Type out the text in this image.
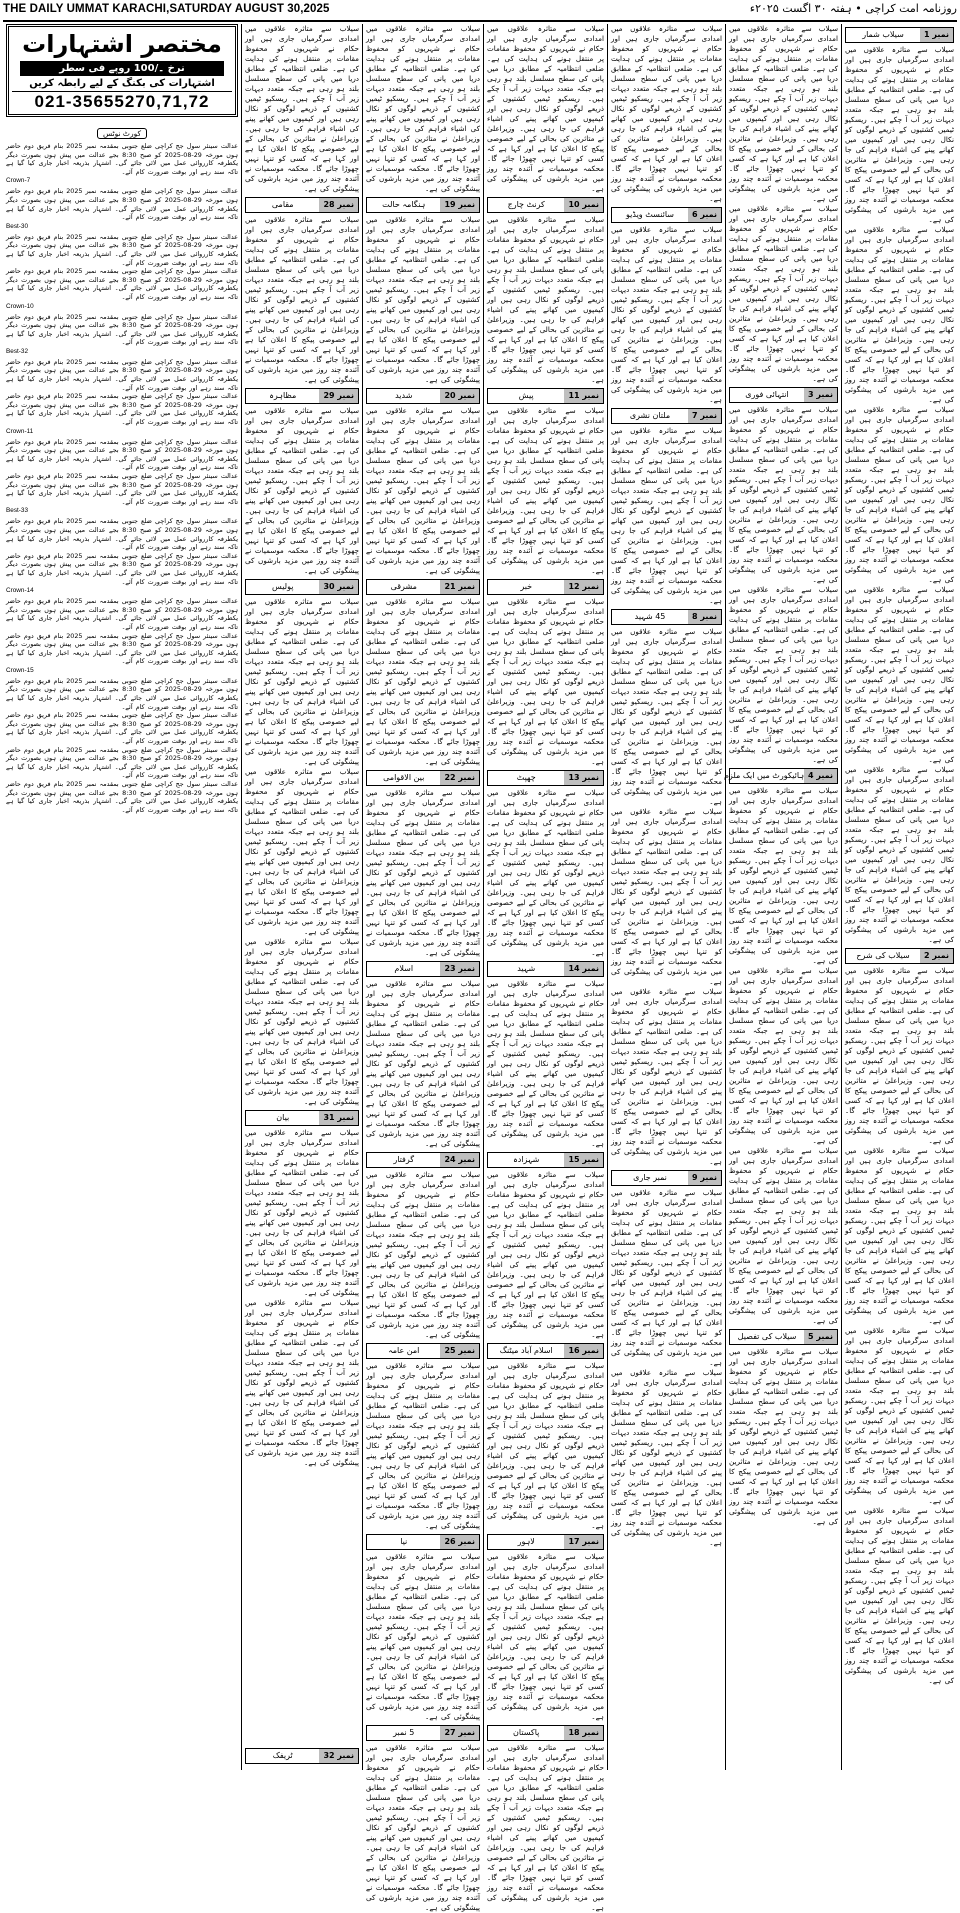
THE DAILY UMMAT KARACHI,SATURDAY AUGUST 30,2025	روزنامہ امت کراچی • ہفتہ ۳۰ اگست ۲۰۲۵ء
مختصر اشتہارات
نرخ ۔/100 روپے فی سطر
اشتہارات کی بکنگ کے لیے رابطہ کریں
021-35655270,71,72
کورٹ نوٹس
عدالت سینئر سول جج کراچی ضلع جنوبی بمقدمہ نمبر 2025 بنام فریق دوم حاضر ہوں مورخہ 29-08-2025 کو صبح 8:30 بجے عدالت میں پیش ہوں بصورت دیگر یکطرفہ کارروائی عمل میں لائی جائے گی۔ اشتہار بذریعہ اخبار جاری کیا گیا ہے تاکہ سند رہے اور بوقت ضرورت کام آئے۔
Crown-7
عدالت سینئر سول جج کراچی ضلع جنوبی بمقدمہ نمبر 2025 بنام فریق دوم حاضر ہوں مورخہ 29-08-2025 کو صبح 8:30 بجے عدالت میں پیش ہوں بصورت دیگر یکطرفہ کارروائی عمل میں لائی جائے گی۔ اشتہار بذریعہ اخبار جاری کیا گیا ہے تاکہ سند رہے اور بوقت ضرورت کام آئے۔
Best-30
عدالت سینئر سول جج کراچی ضلع جنوبی بمقدمہ نمبر 2025 بنام فریق دوم حاضر ہوں مورخہ 29-08-2025 کو صبح 8:30 بجے عدالت میں پیش ہوں بصورت دیگر یکطرفہ کارروائی عمل میں لائی جائے گی۔ اشتہار بذریعہ اخبار جاری کیا گیا ہے تاکہ سند رہے اور بوقت ضرورت کام آئے۔
عدالت سینئر سول جج کراچی ضلع جنوبی بمقدمہ نمبر 2025 بنام فریق دوم حاضر ہوں مورخہ 29-08-2025 کو صبح 8:30 بجے عدالت میں پیش ہوں بصورت دیگر یکطرفہ کارروائی عمل میں لائی جائے گی۔ اشتہار بذریعہ اخبار جاری کیا گیا ہے تاکہ سند رہے اور بوقت ضرورت کام آئے۔
Crown-10
عدالت سینئر سول جج کراچی ضلع جنوبی بمقدمہ نمبر 2025 بنام فریق دوم حاضر ہوں مورخہ 29-08-2025 کو صبح 8:30 بجے عدالت میں پیش ہوں بصورت دیگر یکطرفہ کارروائی عمل میں لائی جائے گی۔ اشتہار بذریعہ اخبار جاری کیا گیا ہے تاکہ سند رہے اور بوقت ضرورت کام آئے۔
Best-32
عدالت سینئر سول جج کراچی ضلع جنوبی بمقدمہ نمبر 2025 بنام فریق دوم حاضر ہوں مورخہ 29-08-2025 کو صبح 8:30 بجے عدالت میں پیش ہوں بصورت دیگر یکطرفہ کارروائی عمل میں لائی جائے گی۔ اشتہار بذریعہ اخبار جاری کیا گیا ہے تاکہ سند رہے اور بوقت ضرورت کام آئے۔
عدالت سینئر سول جج کراچی ضلع جنوبی بمقدمہ نمبر 2025 بنام فریق دوم حاضر ہوں مورخہ 29-08-2025 کو صبح 8:30 بجے عدالت میں پیش ہوں بصورت دیگر یکطرفہ کارروائی عمل میں لائی جائے گی۔ اشتہار بذریعہ اخبار جاری کیا گیا ہے تاکہ سند رہے اور بوقت ضرورت کام آئے۔
Crown-11
عدالت سینئر سول جج کراچی ضلع جنوبی بمقدمہ نمبر 2025 بنام فریق دوم حاضر ہوں مورخہ 29-08-2025 کو صبح 8:30 بجے عدالت میں پیش ہوں بصورت دیگر یکطرفہ کارروائی عمل میں لائی جائے گی۔ اشتہار بذریعہ اخبار جاری کیا گیا ہے تاکہ سند رہے اور بوقت ضرورت کام آئے۔
عدالت سینئر سول جج کراچی ضلع جنوبی بمقدمہ نمبر 2025 بنام فریق دوم حاضر ہوں مورخہ 29-08-2025 کو صبح 8:30 بجے عدالت میں پیش ہوں بصورت دیگر یکطرفہ کارروائی عمل میں لائی جائے گی۔ اشتہار بذریعہ اخبار جاری کیا گیا ہے تاکہ سند رہے اور بوقت ضرورت کام آئے۔
Best-33
عدالت سینئر سول جج کراچی ضلع جنوبی بمقدمہ نمبر 2025 بنام فریق دوم حاضر ہوں مورخہ 29-08-2025 کو صبح 8:30 بجے عدالت میں پیش ہوں بصورت دیگر یکطرفہ کارروائی عمل میں لائی جائے گی۔ اشتہار بذریعہ اخبار جاری کیا گیا ہے تاکہ سند رہے اور بوقت ضرورت کام آئے۔
عدالت سینئر سول جج کراچی ضلع جنوبی بمقدمہ نمبر 2025 بنام فریق دوم حاضر ہوں مورخہ 29-08-2025 کو صبح 8:30 بجے عدالت میں پیش ہوں بصورت دیگر یکطرفہ کارروائی عمل میں لائی جائے گی۔ اشتہار بذریعہ اخبار جاری کیا گیا ہے تاکہ سند رہے اور بوقت ضرورت کام آئے۔
Crown-14
عدالت سینئر سول جج کراچی ضلع جنوبی بمقدمہ نمبر 2025 بنام فریق دوم حاضر ہوں مورخہ 29-08-2025 کو صبح 8:30 بجے عدالت میں پیش ہوں بصورت دیگر یکطرفہ کارروائی عمل میں لائی جائے گی۔ اشتہار بذریعہ اخبار جاری کیا گیا ہے تاکہ سند رہے اور بوقت ضرورت کام آئے۔
عدالت سینئر سول جج کراچی ضلع جنوبی بمقدمہ نمبر 2025 بنام فریق دوم حاضر ہوں مورخہ 29-08-2025 کو صبح 8:30 بجے عدالت میں پیش ہوں بصورت دیگر یکطرفہ کارروائی عمل میں لائی جائے گی۔ اشتہار بذریعہ اخبار جاری کیا گیا ہے تاکہ سند رہے اور بوقت ضرورت کام آئے۔
Crown-15
عدالت سینئر سول جج کراچی ضلع جنوبی بمقدمہ نمبر 2025 بنام فریق دوم حاضر ہوں مورخہ 29-08-2025 کو صبح 8:30 بجے عدالت میں پیش ہوں بصورت دیگر یکطرفہ کارروائی عمل میں لائی جائے گی۔ اشتہار بذریعہ اخبار جاری کیا گیا ہے تاکہ سند رہے اور بوقت ضرورت کام آئے۔
عدالت سینئر سول جج کراچی ضلع جنوبی بمقدمہ نمبر 2025 بنام فریق دوم حاضر ہوں مورخہ 29-08-2025 کو صبح 8:30 بجے عدالت میں پیش ہوں بصورت دیگر یکطرفہ کارروائی عمل میں لائی جائے گی۔ اشتہار بذریعہ اخبار جاری کیا گیا ہے تاکہ سند رہے اور بوقت ضرورت کام آئے۔
عدالت سینئر سول جج کراچی ضلع جنوبی بمقدمہ نمبر 2025 بنام فریق دوم حاضر ہوں مورخہ 29-08-2025 کو صبح 8:30 بجے عدالت میں پیش ہوں بصورت دیگر یکطرفہ کارروائی عمل میں لائی جائے گی۔ اشتہار بذریعہ اخبار جاری کیا گیا ہے تاکہ سند رہے اور بوقت ضرورت کام آئے۔
عدالت سینئر سول جج کراچی ضلع جنوبی بمقدمہ نمبر 2025 بنام فریق دوم حاضر ہوں مورخہ 29-08-2025 کو صبح 8:30 بجے عدالت میں پیش ہوں بصورت دیگر یکطرفہ کارروائی عمل میں لائی جائے گی۔ اشتہار بذریعہ اخبار جاری کیا گیا ہے تاکہ سند رہے اور بوقت ضرورت کام آئے۔
سیلاب سے متاثرہ علاقوں میں امدادی سرگرمیاں جاری ہیں اور حکام نے شہریوں کو محفوظ مقامات پر منتقل ہونے کی ہدایت کی ہے۔ ضلعی انتظامیہ کے مطابق دریا میں پانی کی سطح مسلسل بلند ہو رہی ہے جبکہ متعدد دیہات زیر آب آ چکے ہیں۔ ریسکیو ٹیمیں کشتیوں کے ذریعے لوگوں کو نکال رہی ہیں اور کیمپوں میں کھانے پینے کی اشیاء فراہم کی جا رہی ہیں۔ وزیراعلیٰ نے متاثرین کی بحالی کے لیے خصوصی پیکج کا اعلان کیا ہے اور کہا ہے کہ کسی کو تنہا نہیں چھوڑا جائے گا۔ محکمہ موسمیات نے آئندہ چند روز میں مزید بارشوں کی پیشگوئی کی ہے۔
نمبر 28
مقامی
سیلاب سے متاثرہ علاقوں میں امدادی سرگرمیاں جاری ہیں اور حکام نے شہریوں کو محفوظ مقامات پر منتقل ہونے کی ہدایت کی ہے۔ ضلعی انتظامیہ کے مطابق دریا میں پانی کی سطح مسلسل بلند ہو رہی ہے جبکہ متعدد دیہات زیر آب آ چکے ہیں۔ ریسکیو ٹیمیں کشتیوں کے ذریعے لوگوں کو نکال رہی ہیں اور کیمپوں میں کھانے پینے کی اشیاء فراہم کی جا رہی ہیں۔ وزیراعلیٰ نے متاثرین کی بحالی کے لیے خصوصی پیکج کا اعلان کیا ہے اور کہا ہے کہ کسی کو تنہا نہیں چھوڑا جائے گا۔ محکمہ موسمیات نے آئندہ چند روز میں مزید بارشوں کی پیشگوئی کی ہے۔
نمبر 29
مظاہرہ
سیلاب سے متاثرہ علاقوں میں امدادی سرگرمیاں جاری ہیں اور حکام نے شہریوں کو محفوظ مقامات پر منتقل ہونے کی ہدایت کی ہے۔ ضلعی انتظامیہ کے مطابق دریا میں پانی کی سطح مسلسل بلند ہو رہی ہے جبکہ متعدد دیہات زیر آب آ چکے ہیں۔ ریسکیو ٹیمیں کشتیوں کے ذریعے لوگوں کو نکال رہی ہیں اور کیمپوں میں کھانے پینے کی اشیاء فراہم کی جا رہی ہیں۔ وزیراعلیٰ نے متاثرین کی بحالی کے لیے خصوصی پیکج کا اعلان کیا ہے اور کہا ہے کہ کسی کو تنہا نہیں چھوڑا جائے گا۔ محکمہ موسمیات نے آئندہ چند روز میں مزید بارشوں کی پیشگوئی کی ہے۔
نمبر 30
پولیس
سیلاب سے متاثرہ علاقوں میں امدادی سرگرمیاں جاری ہیں اور حکام نے شہریوں کو محفوظ مقامات پر منتقل ہونے کی ہدایت کی ہے۔ ضلعی انتظامیہ کے مطابق دریا میں پانی کی سطح مسلسل بلند ہو رہی ہے جبکہ متعدد دیہات زیر آب آ چکے ہیں۔ ریسکیو ٹیمیں کشتیوں کے ذریعے لوگوں کو نکال رہی ہیں اور کیمپوں میں کھانے پینے کی اشیاء فراہم کی جا رہی ہیں۔ وزیراعلیٰ نے متاثرین کی بحالی کے لیے خصوصی پیکج کا اعلان کیا ہے اور کہا ہے کہ کسی کو تنہا نہیں چھوڑا جائے گا۔ محکمہ موسمیات نے آئندہ چند روز میں مزید بارشوں کی پیشگوئی کی ہے۔
سیلاب سے متاثرہ علاقوں میں امدادی سرگرمیاں جاری ہیں اور حکام نے شہریوں کو محفوظ مقامات پر منتقل ہونے کی ہدایت کی ہے۔ ضلعی انتظامیہ کے مطابق دریا میں پانی کی سطح مسلسل بلند ہو رہی ہے جبکہ متعدد دیہات زیر آب آ چکے ہیں۔ ریسکیو ٹیمیں کشتیوں کے ذریعے لوگوں کو نکال رہی ہیں اور کیمپوں میں کھانے پینے کی اشیاء فراہم کی جا رہی ہیں۔ وزیراعلیٰ نے متاثرین کی بحالی کے لیے خصوصی پیکج کا اعلان کیا ہے اور کہا ہے کہ کسی کو تنہا نہیں چھوڑا جائے گا۔ محکمہ موسمیات نے آئندہ چند روز میں مزید بارشوں کی پیشگوئی کی ہے۔
سیلاب سے متاثرہ علاقوں میں امدادی سرگرمیاں جاری ہیں اور حکام نے شہریوں کو محفوظ مقامات پر منتقل ہونے کی ہدایت کی ہے۔ ضلعی انتظامیہ کے مطابق دریا میں پانی کی سطح مسلسل بلند ہو رہی ہے جبکہ متعدد دیہات زیر آب آ چکے ہیں۔ ریسکیو ٹیمیں کشتیوں کے ذریعے لوگوں کو نکال رہی ہیں اور کیمپوں میں کھانے پینے کی اشیاء فراہم کی جا رہی ہیں۔ وزیراعلیٰ نے متاثرین کی بحالی کے لیے خصوصی پیکج کا اعلان کیا ہے اور کہا ہے کہ کسی کو تنہا نہیں چھوڑا جائے گا۔ محکمہ موسمیات نے آئندہ چند روز میں مزید بارشوں کی پیشگوئی کی ہے۔
نمبر 31
بیان
سیلاب سے متاثرہ علاقوں میں امدادی سرگرمیاں جاری ہیں اور حکام نے شہریوں کو محفوظ مقامات پر منتقل ہونے کی ہدایت کی ہے۔ ضلعی انتظامیہ کے مطابق دریا میں پانی کی سطح مسلسل بلند ہو رہی ہے جبکہ متعدد دیہات زیر آب آ چکے ہیں۔ ریسکیو ٹیمیں کشتیوں کے ذریعے لوگوں کو نکال رہی ہیں اور کیمپوں میں کھانے پینے کی اشیاء فراہم کی جا رہی ہیں۔ وزیراعلیٰ نے متاثرین کی بحالی کے لیے خصوصی پیکج کا اعلان کیا ہے اور کہا ہے کہ کسی کو تنہا نہیں چھوڑا جائے گا۔ محکمہ موسمیات نے آئندہ چند روز میں مزید بارشوں کی پیشگوئی کی ہے۔
سیلاب سے متاثرہ علاقوں میں امدادی سرگرمیاں جاری ہیں اور حکام نے شہریوں کو محفوظ مقامات پر منتقل ہونے کی ہدایت کی ہے۔ ضلعی انتظامیہ کے مطابق دریا میں پانی کی سطح مسلسل بلند ہو رہی ہے جبکہ متعدد دیہات زیر آب آ چکے ہیں۔ ریسکیو ٹیمیں کشتیوں کے ذریعے لوگوں کو نکال رہی ہیں اور کیمپوں میں کھانے پینے کی اشیاء فراہم کی جا رہی ہیں۔ وزیراعلیٰ نے متاثرین کی بحالی کے لیے خصوصی پیکج کا اعلان کیا ہے اور کہا ہے کہ کسی کو تنہا نہیں چھوڑا جائے گا۔ محکمہ موسمیات نے آئندہ چند روز میں مزید بارشوں کی پیشگوئی کی ہے۔
نمبر 32
ٹریفک
سیلاب سے متاثرہ علاقوں میں امدادی سرگرمیاں جاری ہیں اور حکام نے شہریوں کو محفوظ مقامات پر منتقل ہونے کی ہدایت کی ہے۔ ضلعی انتظامیہ کے مطابق دریا میں پانی کی سطح مسلسل بلند ہو رہی ہے جبکہ متعدد دیہات زیر آب آ چکے ہیں۔ ریسکیو ٹیمیں کشتیوں کے ذریعے لوگوں کو نکال رہی ہیں اور کیمپوں میں کھانے پینے کی اشیاء فراہم کی جا رہی ہیں۔ وزیراعلیٰ نے متاثرین کی بحالی کے لیے خصوصی پیکج کا اعلان کیا ہے اور کہا ہے کہ کسی کو تنہا نہیں چھوڑا جائے گا۔ محکمہ موسمیات نے آئندہ چند روز میں مزید بارشوں کی پیشگوئی کی ہے۔
نمبر 19
ہنگامہ حالت
سیلاب سے متاثرہ علاقوں میں امدادی سرگرمیاں جاری ہیں اور حکام نے شہریوں کو محفوظ مقامات پر منتقل ہونے کی ہدایت کی ہے۔ ضلعی انتظامیہ کے مطابق دریا میں پانی کی سطح مسلسل بلند ہو رہی ہے جبکہ متعدد دیہات زیر آب آ چکے ہیں۔ ریسکیو ٹیمیں کشتیوں کے ذریعے لوگوں کو نکال رہی ہیں اور کیمپوں میں کھانے پینے کی اشیاء فراہم کی جا رہی ہیں۔ وزیراعلیٰ نے متاثرین کی بحالی کے لیے خصوصی پیکج کا اعلان کیا ہے اور کہا ہے کہ کسی کو تنہا نہیں چھوڑا جائے گا۔ محکمہ موسمیات نے آئندہ چند روز میں مزید بارشوں کی پیشگوئی کی ہے۔
نمبر 20
شدید
سیلاب سے متاثرہ علاقوں میں امدادی سرگرمیاں جاری ہیں اور حکام نے شہریوں کو محفوظ مقامات پر منتقل ہونے کی ہدایت کی ہے۔ ضلعی انتظامیہ کے مطابق دریا میں پانی کی سطح مسلسل بلند ہو رہی ہے جبکہ متعدد دیہات زیر آب آ چکے ہیں۔ ریسکیو ٹیمیں کشتیوں کے ذریعے لوگوں کو نکال رہی ہیں اور کیمپوں میں کھانے پینے کی اشیاء فراہم کی جا رہی ہیں۔ وزیراعلیٰ نے متاثرین کی بحالی کے لیے خصوصی پیکج کا اعلان کیا ہے اور کہا ہے کہ کسی کو تنہا نہیں چھوڑا جائے گا۔ محکمہ موسمیات نے آئندہ چند روز میں مزید بارشوں کی پیشگوئی کی ہے۔
نمبر 21
مشرقی
سیلاب سے متاثرہ علاقوں میں امدادی سرگرمیاں جاری ہیں اور حکام نے شہریوں کو محفوظ مقامات پر منتقل ہونے کی ہدایت کی ہے۔ ضلعی انتظامیہ کے مطابق دریا میں پانی کی سطح مسلسل بلند ہو رہی ہے جبکہ متعدد دیہات زیر آب آ چکے ہیں۔ ریسکیو ٹیمیں کشتیوں کے ذریعے لوگوں کو نکال رہی ہیں اور کیمپوں میں کھانے پینے کی اشیاء فراہم کی جا رہی ہیں۔ وزیراعلیٰ نے متاثرین کی بحالی کے لیے خصوصی پیکج کا اعلان کیا ہے اور کہا ہے کہ کسی کو تنہا نہیں چھوڑا جائے گا۔ محکمہ موسمیات نے آئندہ چند روز میں مزید بارشوں کی پیشگوئی کی ہے۔
نمبر 22
بین الاقوامی
سیلاب سے متاثرہ علاقوں میں امدادی سرگرمیاں جاری ہیں اور حکام نے شہریوں کو محفوظ مقامات پر منتقل ہونے کی ہدایت کی ہے۔ ضلعی انتظامیہ کے مطابق دریا میں پانی کی سطح مسلسل بلند ہو رہی ہے جبکہ متعدد دیہات زیر آب آ چکے ہیں۔ ریسکیو ٹیمیں کشتیوں کے ذریعے لوگوں کو نکال رہی ہیں اور کیمپوں میں کھانے پینے کی اشیاء فراہم کی جا رہی ہیں۔ وزیراعلیٰ نے متاثرین کی بحالی کے لیے خصوصی پیکج کا اعلان کیا ہے اور کہا ہے کہ کسی کو تنہا نہیں چھوڑا جائے گا۔ محکمہ موسمیات نے آئندہ چند روز میں مزید بارشوں کی پیشگوئی کی ہے۔
نمبر 23
اسلام
سیلاب سے متاثرہ علاقوں میں امدادی سرگرمیاں جاری ہیں اور حکام نے شہریوں کو محفوظ مقامات پر منتقل ہونے کی ہدایت کی ہے۔ ضلعی انتظامیہ کے مطابق دریا میں پانی کی سطح مسلسل بلند ہو رہی ہے جبکہ متعدد دیہات زیر آب آ چکے ہیں۔ ریسکیو ٹیمیں کشتیوں کے ذریعے لوگوں کو نکال رہی ہیں اور کیمپوں میں کھانے پینے کی اشیاء فراہم کی جا رہی ہیں۔ وزیراعلیٰ نے متاثرین کی بحالی کے لیے خصوصی پیکج کا اعلان کیا ہے اور کہا ہے کہ کسی کو تنہا نہیں چھوڑا جائے گا۔ محکمہ موسمیات نے آئندہ چند روز میں مزید بارشوں کی پیشگوئی کی ہے۔
نمبر 24
گرفتار
سیلاب سے متاثرہ علاقوں میں امدادی سرگرمیاں جاری ہیں اور حکام نے شہریوں کو محفوظ مقامات پر منتقل ہونے کی ہدایت کی ہے۔ ضلعی انتظامیہ کے مطابق دریا میں پانی کی سطح مسلسل بلند ہو رہی ہے جبکہ متعدد دیہات زیر آب آ چکے ہیں۔ ریسکیو ٹیمیں کشتیوں کے ذریعے لوگوں کو نکال رہی ہیں اور کیمپوں میں کھانے پینے کی اشیاء فراہم کی جا رہی ہیں۔ وزیراعلیٰ نے متاثرین کی بحالی کے لیے خصوصی پیکج کا اعلان کیا ہے اور کہا ہے کہ کسی کو تنہا نہیں چھوڑا جائے گا۔ محکمہ موسمیات نے آئندہ چند روز میں مزید بارشوں کی پیشگوئی کی ہے۔
نمبر 25
امن عامہ
سیلاب سے متاثرہ علاقوں میں امدادی سرگرمیاں جاری ہیں اور حکام نے شہریوں کو محفوظ مقامات پر منتقل ہونے کی ہدایت کی ہے۔ ضلعی انتظامیہ کے مطابق دریا میں پانی کی سطح مسلسل بلند ہو رہی ہے جبکہ متعدد دیہات زیر آب آ چکے ہیں۔ ریسکیو ٹیمیں کشتیوں کے ذریعے لوگوں کو نکال رہی ہیں اور کیمپوں میں کھانے پینے کی اشیاء فراہم کی جا رہی ہیں۔ وزیراعلیٰ نے متاثرین کی بحالی کے لیے خصوصی پیکج کا اعلان کیا ہے اور کہا ہے کہ کسی کو تنہا نہیں چھوڑا جائے گا۔ محکمہ موسمیات نے آئندہ چند روز میں مزید بارشوں کی پیشگوئی کی ہے۔
نمبر 26
نیا
سیلاب سے متاثرہ علاقوں میں امدادی سرگرمیاں جاری ہیں اور حکام نے شہریوں کو محفوظ مقامات پر منتقل ہونے کی ہدایت کی ہے۔ ضلعی انتظامیہ کے مطابق دریا میں پانی کی سطح مسلسل بلند ہو رہی ہے جبکہ متعدد دیہات زیر آب آ چکے ہیں۔ ریسکیو ٹیمیں کشتیوں کے ذریعے لوگوں کو نکال رہی ہیں اور کیمپوں میں کھانے پینے کی اشیاء فراہم کی جا رہی ہیں۔ وزیراعلیٰ نے متاثرین کی بحالی کے لیے خصوصی پیکج کا اعلان کیا ہے اور کہا ہے کہ کسی کو تنہا نہیں چھوڑا جائے گا۔ محکمہ موسمیات نے آئندہ چند روز میں مزید بارشوں کی پیشگوئی کی ہے۔
نمبر 27
5 نمبر
سیلاب سے متاثرہ علاقوں میں امدادی سرگرمیاں جاری ہیں اور حکام نے شہریوں کو محفوظ مقامات پر منتقل ہونے کی ہدایت کی ہے۔ ضلعی انتظامیہ کے مطابق دریا میں پانی کی سطح مسلسل بلند ہو رہی ہے جبکہ متعدد دیہات زیر آب آ چکے ہیں۔ ریسکیو ٹیمیں کشتیوں کے ذریعے لوگوں کو نکال رہی ہیں اور کیمپوں میں کھانے پینے کی اشیاء فراہم کی جا رہی ہیں۔ وزیراعلیٰ نے متاثرین کی بحالی کے لیے خصوصی پیکج کا اعلان کیا ہے اور کہا ہے کہ کسی کو تنہا نہیں چھوڑا جائے گا۔ محکمہ موسمیات نے آئندہ چند روز میں مزید بارشوں کی پیشگوئی کی ہے۔
سیلاب سے متاثرہ علاقوں میں امدادی سرگرمیاں جاری ہیں اور حکام نے شہریوں کو محفوظ مقامات پر منتقل ہونے کی ہدایت کی ہے۔ ضلعی انتظامیہ کے مطابق دریا میں پانی کی سطح مسلسل بلند ہو رہی ہے جبکہ متعدد دیہات زیر آب آ چکے ہیں۔ ریسکیو ٹیمیں کشتیوں کے ذریعے لوگوں کو نکال رہی ہیں اور کیمپوں میں کھانے پینے کی اشیاء فراہم کی جا رہی ہیں۔ وزیراعلیٰ نے متاثرین کی بحالی کے لیے خصوصی پیکج کا اعلان کیا ہے اور کہا ہے کہ کسی کو تنہا نہیں چھوڑا جائے گا۔ محکمہ موسمیات نے آئندہ چند روز میں مزید بارشوں کی پیشگوئی کی ہے۔
نمبر 10
کرنٹ چارج
سیلاب سے متاثرہ علاقوں میں امدادی سرگرمیاں جاری ہیں اور حکام نے شہریوں کو محفوظ مقامات پر منتقل ہونے کی ہدایت کی ہے۔ ضلعی انتظامیہ کے مطابق دریا میں پانی کی سطح مسلسل بلند ہو رہی ہے جبکہ متعدد دیہات زیر آب آ چکے ہیں۔ ریسکیو ٹیمیں کشتیوں کے ذریعے لوگوں کو نکال رہی ہیں اور کیمپوں میں کھانے پینے کی اشیاء فراہم کی جا رہی ہیں۔ وزیراعلیٰ نے متاثرین کی بحالی کے لیے خصوصی پیکج کا اعلان کیا ہے اور کہا ہے کہ کسی کو تنہا نہیں چھوڑا جائے گا۔ محکمہ موسمیات نے آئندہ چند روز میں مزید بارشوں کی پیشگوئی کی ہے۔
نمبر 11
پیش
سیلاب سے متاثرہ علاقوں میں امدادی سرگرمیاں جاری ہیں اور حکام نے شہریوں کو محفوظ مقامات پر منتقل ہونے کی ہدایت کی ہے۔ ضلعی انتظامیہ کے مطابق دریا میں پانی کی سطح مسلسل بلند ہو رہی ہے جبکہ متعدد دیہات زیر آب آ چکے ہیں۔ ریسکیو ٹیمیں کشتیوں کے ذریعے لوگوں کو نکال رہی ہیں اور کیمپوں میں کھانے پینے کی اشیاء فراہم کی جا رہی ہیں۔ وزیراعلیٰ نے متاثرین کی بحالی کے لیے خصوصی پیکج کا اعلان کیا ہے اور کہا ہے کہ کسی کو تنہا نہیں چھوڑا جائے گا۔ محکمہ موسمیات نے آئندہ چند روز میں مزید بارشوں کی پیشگوئی کی ہے۔
نمبر 12
خبر
سیلاب سے متاثرہ علاقوں میں امدادی سرگرمیاں جاری ہیں اور حکام نے شہریوں کو محفوظ مقامات پر منتقل ہونے کی ہدایت کی ہے۔ ضلعی انتظامیہ کے مطابق دریا میں پانی کی سطح مسلسل بلند ہو رہی ہے جبکہ متعدد دیہات زیر آب آ چکے ہیں۔ ریسکیو ٹیمیں کشتیوں کے ذریعے لوگوں کو نکال رہی ہیں اور کیمپوں میں کھانے پینے کی اشیاء فراہم کی جا رہی ہیں۔ وزیراعلیٰ نے متاثرین کی بحالی کے لیے خصوصی پیکج کا اعلان کیا ہے اور کہا ہے کہ کسی کو تنہا نہیں چھوڑا جائے گا۔ محکمہ موسمیات نے آئندہ چند روز میں مزید بارشوں کی پیشگوئی کی ہے۔
نمبر 13
چھپٹ
سیلاب سے متاثرہ علاقوں میں امدادی سرگرمیاں جاری ہیں اور حکام نے شہریوں کو محفوظ مقامات پر منتقل ہونے کی ہدایت کی ہے۔ ضلعی انتظامیہ کے مطابق دریا میں پانی کی سطح مسلسل بلند ہو رہی ہے جبکہ متعدد دیہات زیر آب آ چکے ہیں۔ ریسکیو ٹیمیں کشتیوں کے ذریعے لوگوں کو نکال رہی ہیں اور کیمپوں میں کھانے پینے کی اشیاء فراہم کی جا رہی ہیں۔ وزیراعلیٰ نے متاثرین کی بحالی کے لیے خصوصی پیکج کا اعلان کیا ہے اور کہا ہے کہ کسی کو تنہا نہیں چھوڑا جائے گا۔ محکمہ موسمیات نے آئندہ چند روز میں مزید بارشوں کی پیشگوئی کی ہے۔
نمبر 14
شہید
سیلاب سے متاثرہ علاقوں میں امدادی سرگرمیاں جاری ہیں اور حکام نے شہریوں کو محفوظ مقامات پر منتقل ہونے کی ہدایت کی ہے۔ ضلعی انتظامیہ کے مطابق دریا میں پانی کی سطح مسلسل بلند ہو رہی ہے جبکہ متعدد دیہات زیر آب آ چکے ہیں۔ ریسکیو ٹیمیں کشتیوں کے ذریعے لوگوں کو نکال رہی ہیں اور کیمپوں میں کھانے پینے کی اشیاء فراہم کی جا رہی ہیں۔ وزیراعلیٰ نے متاثرین کی بحالی کے لیے خصوصی پیکج کا اعلان کیا ہے اور کہا ہے کہ کسی کو تنہا نہیں چھوڑا جائے گا۔ محکمہ موسمیات نے آئندہ چند روز میں مزید بارشوں کی پیشگوئی کی ہے۔
نمبر 15
شہزادہ
سیلاب سے متاثرہ علاقوں میں امدادی سرگرمیاں جاری ہیں اور حکام نے شہریوں کو محفوظ مقامات پر منتقل ہونے کی ہدایت کی ہے۔ ضلعی انتظامیہ کے مطابق دریا میں پانی کی سطح مسلسل بلند ہو رہی ہے جبکہ متعدد دیہات زیر آب آ چکے ہیں۔ ریسکیو ٹیمیں کشتیوں کے ذریعے لوگوں کو نکال رہی ہیں اور کیمپوں میں کھانے پینے کی اشیاء فراہم کی جا رہی ہیں۔ وزیراعلیٰ نے متاثرین کی بحالی کے لیے خصوصی پیکج کا اعلان کیا ہے اور کہا ہے کہ کسی کو تنہا نہیں چھوڑا جائے گا۔ محکمہ موسمیات نے آئندہ چند روز میں مزید بارشوں کی پیشگوئی کی ہے۔
نمبر 16
اسلام آباد میٹنگ
سیلاب سے متاثرہ علاقوں میں امدادی سرگرمیاں جاری ہیں اور حکام نے شہریوں کو محفوظ مقامات پر منتقل ہونے کی ہدایت کی ہے۔ ضلعی انتظامیہ کے مطابق دریا میں پانی کی سطح مسلسل بلند ہو رہی ہے جبکہ متعدد دیہات زیر آب آ چکے ہیں۔ ریسکیو ٹیمیں کشتیوں کے ذریعے لوگوں کو نکال رہی ہیں اور کیمپوں میں کھانے پینے کی اشیاء فراہم کی جا رہی ہیں۔ وزیراعلیٰ نے متاثرین کی بحالی کے لیے خصوصی پیکج کا اعلان کیا ہے اور کہا ہے کہ کسی کو تنہا نہیں چھوڑا جائے گا۔ محکمہ موسمیات نے آئندہ چند روز میں مزید بارشوں کی پیشگوئی کی ہے۔
نمبر 17
لاہور
سیلاب سے متاثرہ علاقوں میں امدادی سرگرمیاں جاری ہیں اور حکام نے شہریوں کو محفوظ مقامات پر منتقل ہونے کی ہدایت کی ہے۔ ضلعی انتظامیہ کے مطابق دریا میں پانی کی سطح مسلسل بلند ہو رہی ہے جبکہ متعدد دیہات زیر آب آ چکے ہیں۔ ریسکیو ٹیمیں کشتیوں کے ذریعے لوگوں کو نکال رہی ہیں اور کیمپوں میں کھانے پینے کی اشیاء فراہم کی جا رہی ہیں۔ وزیراعلیٰ نے متاثرین کی بحالی کے لیے خصوصی پیکج کا اعلان کیا ہے اور کہا ہے کہ کسی کو تنہا نہیں چھوڑا جائے گا۔ محکمہ موسمیات نے آئندہ چند روز میں مزید بارشوں کی پیشگوئی کی ہے۔
نمبر 18
پاکستان
سیلاب سے متاثرہ علاقوں میں امدادی سرگرمیاں جاری ہیں اور حکام نے شہریوں کو محفوظ مقامات پر منتقل ہونے کی ہدایت کی ہے۔ ضلعی انتظامیہ کے مطابق دریا میں پانی کی سطح مسلسل بلند ہو رہی ہے جبکہ متعدد دیہات زیر آب آ چکے ہیں۔ ریسکیو ٹیمیں کشتیوں کے ذریعے لوگوں کو نکال رہی ہیں اور کیمپوں میں کھانے پینے کی اشیاء فراہم کی جا رہی ہیں۔ وزیراعلیٰ نے متاثرین کی بحالی کے لیے خصوصی پیکج کا اعلان کیا ہے اور کہا ہے کہ کسی کو تنہا نہیں چھوڑا جائے گا۔ محکمہ موسمیات نے آئندہ چند روز میں مزید بارشوں کی پیشگوئی کی ہے۔
سیلاب سے متاثرہ علاقوں میں امدادی سرگرمیاں جاری ہیں اور حکام نے شہریوں کو محفوظ مقامات پر منتقل ہونے کی ہدایت کی ہے۔ ضلعی انتظامیہ کے مطابق دریا میں پانی کی سطح مسلسل بلند ہو رہی ہے جبکہ متعدد دیہات زیر آب آ چکے ہیں۔ ریسکیو ٹیمیں کشتیوں کے ذریعے لوگوں کو نکال رہی ہیں اور کیمپوں میں کھانے پینے کی اشیاء فراہم کی جا رہی ہیں۔ وزیراعلیٰ نے متاثرین کی بحالی کے لیے خصوصی پیکج کا اعلان کیا ہے اور کہا ہے کہ کسی کو تنہا نہیں چھوڑا جائے گا۔ محکمہ موسمیات نے آئندہ چند روز میں مزید بارشوں کی پیشگوئی کی ہے۔
نمبر 6
سائنسٹ ویڈیو
سیلاب سے متاثرہ علاقوں میں امدادی سرگرمیاں جاری ہیں اور حکام نے شہریوں کو محفوظ مقامات پر منتقل ہونے کی ہدایت کی ہے۔ ضلعی انتظامیہ کے مطابق دریا میں پانی کی سطح مسلسل بلند ہو رہی ہے جبکہ متعدد دیہات زیر آب آ چکے ہیں۔ ریسکیو ٹیمیں کشتیوں کے ذریعے لوگوں کو نکال رہی ہیں اور کیمپوں میں کھانے پینے کی اشیاء فراہم کی جا رہی ہیں۔ وزیراعلیٰ نے متاثرین کی بحالی کے لیے خصوصی پیکج کا اعلان کیا ہے اور کہا ہے کہ کسی کو تنہا نہیں چھوڑا جائے گا۔ محکمہ موسمیات نے آئندہ چند روز میں مزید بارشوں کی پیشگوئی کی ہے۔
نمبر 7
ملتان نشری
سیلاب سے متاثرہ علاقوں میں امدادی سرگرمیاں جاری ہیں اور حکام نے شہریوں کو محفوظ مقامات پر منتقل ہونے کی ہدایت کی ہے۔ ضلعی انتظامیہ کے مطابق دریا میں پانی کی سطح مسلسل بلند ہو رہی ہے جبکہ متعدد دیہات زیر آب آ چکے ہیں۔ ریسکیو ٹیمیں کشتیوں کے ذریعے لوگوں کو نکال رہی ہیں اور کیمپوں میں کھانے پینے کی اشیاء فراہم کی جا رہی ہیں۔ وزیراعلیٰ نے متاثرین کی بحالی کے لیے خصوصی پیکج کا اعلان کیا ہے اور کہا ہے کہ کسی کو تنہا نہیں چھوڑا جائے گا۔ محکمہ موسمیات نے آئندہ چند روز میں مزید بارشوں کی پیشگوئی کی ہے۔
نمبر 8
45 شہید
سیلاب سے متاثرہ علاقوں میں امدادی سرگرمیاں جاری ہیں اور حکام نے شہریوں کو محفوظ مقامات پر منتقل ہونے کی ہدایت کی ہے۔ ضلعی انتظامیہ کے مطابق دریا میں پانی کی سطح مسلسل بلند ہو رہی ہے جبکہ متعدد دیہات زیر آب آ چکے ہیں۔ ریسکیو ٹیمیں کشتیوں کے ذریعے لوگوں کو نکال رہی ہیں اور کیمپوں میں کھانے پینے کی اشیاء فراہم کی جا رہی ہیں۔ وزیراعلیٰ نے متاثرین کی بحالی کے لیے خصوصی پیکج کا اعلان کیا ہے اور کہا ہے کہ کسی کو تنہا نہیں چھوڑا جائے گا۔ محکمہ موسمیات نے آئندہ چند روز میں مزید بارشوں کی پیشگوئی کی ہے۔
سیلاب سے متاثرہ علاقوں میں امدادی سرگرمیاں جاری ہیں اور حکام نے شہریوں کو محفوظ مقامات پر منتقل ہونے کی ہدایت کی ہے۔ ضلعی انتظامیہ کے مطابق دریا میں پانی کی سطح مسلسل بلند ہو رہی ہے جبکہ متعدد دیہات زیر آب آ چکے ہیں۔ ریسکیو ٹیمیں کشتیوں کے ذریعے لوگوں کو نکال رہی ہیں اور کیمپوں میں کھانے پینے کی اشیاء فراہم کی جا رہی ہیں۔ وزیراعلیٰ نے متاثرین کی بحالی کے لیے خصوصی پیکج کا اعلان کیا ہے اور کہا ہے کہ کسی کو تنہا نہیں چھوڑا جائے گا۔ محکمہ موسمیات نے آئندہ چند روز میں مزید بارشوں کی پیشگوئی کی ہے۔
سیلاب سے متاثرہ علاقوں میں امدادی سرگرمیاں جاری ہیں اور حکام نے شہریوں کو محفوظ مقامات پر منتقل ہونے کی ہدایت کی ہے۔ ضلعی انتظامیہ کے مطابق دریا میں پانی کی سطح مسلسل بلند ہو رہی ہے جبکہ متعدد دیہات زیر آب آ چکے ہیں۔ ریسکیو ٹیمیں کشتیوں کے ذریعے لوگوں کو نکال رہی ہیں اور کیمپوں میں کھانے پینے کی اشیاء فراہم کی جا رہی ہیں۔ وزیراعلیٰ نے متاثرین کی بحالی کے لیے خصوصی پیکج کا اعلان کیا ہے اور کہا ہے کہ کسی کو تنہا نہیں چھوڑا جائے گا۔ محکمہ موسمیات نے آئندہ چند روز میں مزید بارشوں کی پیشگوئی کی ہے۔
نمبر 9
نمبر جاری
سیلاب سے متاثرہ علاقوں میں امدادی سرگرمیاں جاری ہیں اور حکام نے شہریوں کو محفوظ مقامات پر منتقل ہونے کی ہدایت کی ہے۔ ضلعی انتظامیہ کے مطابق دریا میں پانی کی سطح مسلسل بلند ہو رہی ہے جبکہ متعدد دیہات زیر آب آ چکے ہیں۔ ریسکیو ٹیمیں کشتیوں کے ذریعے لوگوں کو نکال رہی ہیں اور کیمپوں میں کھانے پینے کی اشیاء فراہم کی جا رہی ہیں۔ وزیراعلیٰ نے متاثرین کی بحالی کے لیے خصوصی پیکج کا اعلان کیا ہے اور کہا ہے کہ کسی کو تنہا نہیں چھوڑا جائے گا۔ محکمہ موسمیات نے آئندہ چند روز میں مزید بارشوں کی پیشگوئی کی ہے۔
سیلاب سے متاثرہ علاقوں میں امدادی سرگرمیاں جاری ہیں اور حکام نے شہریوں کو محفوظ مقامات پر منتقل ہونے کی ہدایت کی ہے۔ ضلعی انتظامیہ کے مطابق دریا میں پانی کی سطح مسلسل بلند ہو رہی ہے جبکہ متعدد دیہات زیر آب آ چکے ہیں۔ ریسکیو ٹیمیں کشتیوں کے ذریعے لوگوں کو نکال رہی ہیں اور کیمپوں میں کھانے پینے کی اشیاء فراہم کی جا رہی ہیں۔ وزیراعلیٰ نے متاثرین کی بحالی کے لیے خصوصی پیکج کا اعلان کیا ہے اور کہا ہے کہ کسی کو تنہا نہیں چھوڑا جائے گا۔ محکمہ موسمیات نے آئندہ چند روز میں مزید بارشوں کی پیشگوئی کی ہے۔
سیلاب سے متاثرہ علاقوں میں امدادی سرگرمیاں جاری ہیں اور حکام نے شہریوں کو محفوظ مقامات پر منتقل ہونے کی ہدایت کی ہے۔ ضلعی انتظامیہ کے مطابق دریا میں پانی کی سطح مسلسل بلند ہو رہی ہے جبکہ متعدد دیہات زیر آب آ چکے ہیں۔ ریسکیو ٹیمیں کشتیوں کے ذریعے لوگوں کو نکال رہی ہیں اور کیمپوں میں کھانے پینے کی اشیاء فراہم کی جا رہی ہیں۔ وزیراعلیٰ نے متاثرین کی بحالی کے لیے خصوصی پیکج کا اعلان کیا ہے اور کہا ہے کہ کسی کو تنہا نہیں چھوڑا جائے گا۔ محکمہ موسمیات نے آئندہ چند روز میں مزید بارشوں کی پیشگوئی کی ہے۔
سیلاب سے متاثرہ علاقوں میں امدادی سرگرمیاں جاری ہیں اور حکام نے شہریوں کو محفوظ مقامات پر منتقل ہونے کی ہدایت کی ہے۔ ضلعی انتظامیہ کے مطابق دریا میں پانی کی سطح مسلسل بلند ہو رہی ہے جبکہ متعدد دیہات زیر آب آ چکے ہیں۔ ریسکیو ٹیمیں کشتیوں کے ذریعے لوگوں کو نکال رہی ہیں اور کیمپوں میں کھانے پینے کی اشیاء فراہم کی جا رہی ہیں۔ وزیراعلیٰ نے متاثرین کی بحالی کے لیے خصوصی پیکج کا اعلان کیا ہے اور کہا ہے کہ کسی کو تنہا نہیں چھوڑا جائے گا۔ محکمہ موسمیات نے آئندہ چند روز میں مزید بارشوں کی پیشگوئی کی ہے۔
نمبر 3
انتہائی فوری
سیلاب سے متاثرہ علاقوں میں امدادی سرگرمیاں جاری ہیں اور حکام نے شہریوں کو محفوظ مقامات پر منتقل ہونے کی ہدایت کی ہے۔ ضلعی انتظامیہ کے مطابق دریا میں پانی کی سطح مسلسل بلند ہو رہی ہے جبکہ متعدد دیہات زیر آب آ چکے ہیں۔ ریسکیو ٹیمیں کشتیوں کے ذریعے لوگوں کو نکال رہی ہیں اور کیمپوں میں کھانے پینے کی اشیاء فراہم کی جا رہی ہیں۔ وزیراعلیٰ نے متاثرین کی بحالی کے لیے خصوصی پیکج کا اعلان کیا ہے اور کہا ہے کہ کسی کو تنہا نہیں چھوڑا جائے گا۔ محکمہ موسمیات نے آئندہ چند روز میں مزید بارشوں کی پیشگوئی کی ہے۔
سیلاب سے متاثرہ علاقوں میں امدادی سرگرمیاں جاری ہیں اور حکام نے شہریوں کو محفوظ مقامات پر منتقل ہونے کی ہدایت کی ہے۔ ضلعی انتظامیہ کے مطابق دریا میں پانی کی سطح مسلسل بلند ہو رہی ہے جبکہ متعدد دیہات زیر آب آ چکے ہیں۔ ریسکیو ٹیمیں کشتیوں کے ذریعے لوگوں کو نکال رہی ہیں اور کیمپوں میں کھانے پینے کی اشیاء فراہم کی جا رہی ہیں۔ وزیراعلیٰ نے متاثرین کی بحالی کے لیے خصوصی پیکج کا اعلان کیا ہے اور کہا ہے کہ کسی کو تنہا نہیں چھوڑا جائے گا۔ محکمہ موسمیات نے آئندہ چند روز میں مزید بارشوں کی پیشگوئی کی ہے۔
نمبر 4
ہائیکورٹ میں ایک ملزم
سیلاب سے متاثرہ علاقوں میں امدادی سرگرمیاں جاری ہیں اور حکام نے شہریوں کو محفوظ مقامات پر منتقل ہونے کی ہدایت کی ہے۔ ضلعی انتظامیہ کے مطابق دریا میں پانی کی سطح مسلسل بلند ہو رہی ہے جبکہ متعدد دیہات زیر آب آ چکے ہیں۔ ریسکیو ٹیمیں کشتیوں کے ذریعے لوگوں کو نکال رہی ہیں اور کیمپوں میں کھانے پینے کی اشیاء فراہم کی جا رہی ہیں۔ وزیراعلیٰ نے متاثرین کی بحالی کے لیے خصوصی پیکج کا اعلان کیا ہے اور کہا ہے کہ کسی کو تنہا نہیں چھوڑا جائے گا۔ محکمہ موسمیات نے آئندہ چند روز میں مزید بارشوں کی پیشگوئی کی ہے۔
سیلاب سے متاثرہ علاقوں میں امدادی سرگرمیاں جاری ہیں اور حکام نے شہریوں کو محفوظ مقامات پر منتقل ہونے کی ہدایت کی ہے۔ ضلعی انتظامیہ کے مطابق دریا میں پانی کی سطح مسلسل بلند ہو رہی ہے جبکہ متعدد دیہات زیر آب آ چکے ہیں۔ ریسکیو ٹیمیں کشتیوں کے ذریعے لوگوں کو نکال رہی ہیں اور کیمپوں میں کھانے پینے کی اشیاء فراہم کی جا رہی ہیں۔ وزیراعلیٰ نے متاثرین کی بحالی کے لیے خصوصی پیکج کا اعلان کیا ہے اور کہا ہے کہ کسی کو تنہا نہیں چھوڑا جائے گا۔ محکمہ موسمیات نے آئندہ چند روز میں مزید بارشوں کی پیشگوئی کی ہے۔
سیلاب سے متاثرہ علاقوں میں امدادی سرگرمیاں جاری ہیں اور حکام نے شہریوں کو محفوظ مقامات پر منتقل ہونے کی ہدایت کی ہے۔ ضلعی انتظامیہ کے مطابق دریا میں پانی کی سطح مسلسل بلند ہو رہی ہے جبکہ متعدد دیہات زیر آب آ چکے ہیں۔ ریسکیو ٹیمیں کشتیوں کے ذریعے لوگوں کو نکال رہی ہیں اور کیمپوں میں کھانے پینے کی اشیاء فراہم کی جا رہی ہیں۔ وزیراعلیٰ نے متاثرین کی بحالی کے لیے خصوصی پیکج کا اعلان کیا ہے اور کہا ہے کہ کسی کو تنہا نہیں چھوڑا جائے گا۔ محکمہ موسمیات نے آئندہ چند روز میں مزید بارشوں کی پیشگوئی کی ہے۔
نمبر 5
سیلاب کی تفصیل
سیلاب سے متاثرہ علاقوں میں امدادی سرگرمیاں جاری ہیں اور حکام نے شہریوں کو محفوظ مقامات پر منتقل ہونے کی ہدایت کی ہے۔ ضلعی انتظامیہ کے مطابق دریا میں پانی کی سطح مسلسل بلند ہو رہی ہے جبکہ متعدد دیہات زیر آب آ چکے ہیں۔ ریسکیو ٹیمیں کشتیوں کے ذریعے لوگوں کو نکال رہی ہیں اور کیمپوں میں کھانے پینے کی اشیاء فراہم کی جا رہی ہیں۔ وزیراعلیٰ نے متاثرین کی بحالی کے لیے خصوصی پیکج کا اعلان کیا ہے اور کہا ہے کہ کسی کو تنہا نہیں چھوڑا جائے گا۔ محکمہ موسمیات نے آئندہ چند روز میں مزید بارشوں کی پیشگوئی کی ہے۔
نمبر 1
سیلاب شمار
سیلاب سے متاثرہ علاقوں میں امدادی سرگرمیاں جاری ہیں اور حکام نے شہریوں کو محفوظ مقامات پر منتقل ہونے کی ہدایت کی ہے۔ ضلعی انتظامیہ کے مطابق دریا میں پانی کی سطح مسلسل بلند ہو رہی ہے جبکہ متعدد دیہات زیر آب آ چکے ہیں۔ ریسکیو ٹیمیں کشتیوں کے ذریعے لوگوں کو نکال رہی ہیں اور کیمپوں میں کھانے پینے کی اشیاء فراہم کی جا رہی ہیں۔ وزیراعلیٰ نے متاثرین کی بحالی کے لیے خصوصی پیکج کا اعلان کیا ہے اور کہا ہے کہ کسی کو تنہا نہیں چھوڑا جائے گا۔ محکمہ موسمیات نے آئندہ چند روز میں مزید بارشوں کی پیشگوئی کی ہے۔
سیلاب سے متاثرہ علاقوں میں امدادی سرگرمیاں جاری ہیں اور حکام نے شہریوں کو محفوظ مقامات پر منتقل ہونے کی ہدایت کی ہے۔ ضلعی انتظامیہ کے مطابق دریا میں پانی کی سطح مسلسل بلند ہو رہی ہے جبکہ متعدد دیہات زیر آب آ چکے ہیں۔ ریسکیو ٹیمیں کشتیوں کے ذریعے لوگوں کو نکال رہی ہیں اور کیمپوں میں کھانے پینے کی اشیاء فراہم کی جا رہی ہیں۔ وزیراعلیٰ نے متاثرین کی بحالی کے لیے خصوصی پیکج کا اعلان کیا ہے اور کہا ہے کہ کسی کو تنہا نہیں چھوڑا جائے گا۔ محکمہ موسمیات نے آئندہ چند روز میں مزید بارشوں کی پیشگوئی کی ہے۔
سیلاب سے متاثرہ علاقوں میں امدادی سرگرمیاں جاری ہیں اور حکام نے شہریوں کو محفوظ مقامات پر منتقل ہونے کی ہدایت کی ہے۔ ضلعی انتظامیہ کے مطابق دریا میں پانی کی سطح مسلسل بلند ہو رہی ہے جبکہ متعدد دیہات زیر آب آ چکے ہیں۔ ریسکیو ٹیمیں کشتیوں کے ذریعے لوگوں کو نکال رہی ہیں اور کیمپوں میں کھانے پینے کی اشیاء فراہم کی جا رہی ہیں۔ وزیراعلیٰ نے متاثرین کی بحالی کے لیے خصوصی پیکج کا اعلان کیا ہے اور کہا ہے کہ کسی کو تنہا نہیں چھوڑا جائے گا۔ محکمہ موسمیات نے آئندہ چند روز میں مزید بارشوں کی پیشگوئی کی ہے۔
سیلاب سے متاثرہ علاقوں میں امدادی سرگرمیاں جاری ہیں اور حکام نے شہریوں کو محفوظ مقامات پر منتقل ہونے کی ہدایت کی ہے۔ ضلعی انتظامیہ کے مطابق دریا میں پانی کی سطح مسلسل بلند ہو رہی ہے جبکہ متعدد دیہات زیر آب آ چکے ہیں۔ ریسکیو ٹیمیں کشتیوں کے ذریعے لوگوں کو نکال رہی ہیں اور کیمپوں میں کھانے پینے کی اشیاء فراہم کی جا رہی ہیں۔ وزیراعلیٰ نے متاثرین کی بحالی کے لیے خصوصی پیکج کا اعلان کیا ہے اور کہا ہے کہ کسی کو تنہا نہیں چھوڑا جائے گا۔ محکمہ موسمیات نے آئندہ چند روز میں مزید بارشوں کی پیشگوئی کی ہے۔
سیلاب سے متاثرہ علاقوں میں امدادی سرگرمیاں جاری ہیں اور حکام نے شہریوں کو محفوظ مقامات پر منتقل ہونے کی ہدایت کی ہے۔ ضلعی انتظامیہ کے مطابق دریا میں پانی کی سطح مسلسل بلند ہو رہی ہے جبکہ متعدد دیہات زیر آب آ چکے ہیں۔ ریسکیو ٹیمیں کشتیوں کے ذریعے لوگوں کو نکال رہی ہیں اور کیمپوں میں کھانے پینے کی اشیاء فراہم کی جا رہی ہیں۔ وزیراعلیٰ نے متاثرین کی بحالی کے لیے خصوصی پیکج کا اعلان کیا ہے اور کہا ہے کہ کسی کو تنہا نہیں چھوڑا جائے گا۔ محکمہ موسمیات نے آئندہ چند روز میں مزید بارشوں کی پیشگوئی کی ہے۔
نمبر 2
سیلاب کی شرح
سیلاب سے متاثرہ علاقوں میں امدادی سرگرمیاں جاری ہیں اور حکام نے شہریوں کو محفوظ مقامات پر منتقل ہونے کی ہدایت کی ہے۔ ضلعی انتظامیہ کے مطابق دریا میں پانی کی سطح مسلسل بلند ہو رہی ہے جبکہ متعدد دیہات زیر آب آ چکے ہیں۔ ریسکیو ٹیمیں کشتیوں کے ذریعے لوگوں کو نکال رہی ہیں اور کیمپوں میں کھانے پینے کی اشیاء فراہم کی جا رہی ہیں۔ وزیراعلیٰ نے متاثرین کی بحالی کے لیے خصوصی پیکج کا اعلان کیا ہے اور کہا ہے کہ کسی کو تنہا نہیں چھوڑا جائے گا۔ محکمہ موسمیات نے آئندہ چند روز میں مزید بارشوں کی پیشگوئی کی ہے۔
سیلاب سے متاثرہ علاقوں میں امدادی سرگرمیاں جاری ہیں اور حکام نے شہریوں کو محفوظ مقامات پر منتقل ہونے کی ہدایت کی ہے۔ ضلعی انتظامیہ کے مطابق دریا میں پانی کی سطح مسلسل بلند ہو رہی ہے جبکہ متعدد دیہات زیر آب آ چکے ہیں۔ ریسکیو ٹیمیں کشتیوں کے ذریعے لوگوں کو نکال رہی ہیں اور کیمپوں میں کھانے پینے کی اشیاء فراہم کی جا رہی ہیں۔ وزیراعلیٰ نے متاثرین کی بحالی کے لیے خصوصی پیکج کا اعلان کیا ہے اور کہا ہے کہ کسی کو تنہا نہیں چھوڑا جائے گا۔ محکمہ موسمیات نے آئندہ چند روز میں مزید بارشوں کی پیشگوئی کی ہے۔
سیلاب سے متاثرہ علاقوں میں امدادی سرگرمیاں جاری ہیں اور حکام نے شہریوں کو محفوظ مقامات پر منتقل ہونے کی ہدایت کی ہے۔ ضلعی انتظامیہ کے مطابق دریا میں پانی کی سطح مسلسل بلند ہو رہی ہے جبکہ متعدد دیہات زیر آب آ چکے ہیں۔ ریسکیو ٹیمیں کشتیوں کے ذریعے لوگوں کو نکال رہی ہیں اور کیمپوں میں کھانے پینے کی اشیاء فراہم کی جا رہی ہیں۔ وزیراعلیٰ نے متاثرین کی بحالی کے لیے خصوصی پیکج کا اعلان کیا ہے اور کہا ہے کہ کسی کو تنہا نہیں چھوڑا جائے گا۔ محکمہ موسمیات نے آئندہ چند روز میں مزید بارشوں کی پیشگوئی کی ہے۔
سیلاب سے متاثرہ علاقوں میں امدادی سرگرمیاں جاری ہیں اور حکام نے شہریوں کو محفوظ مقامات پر منتقل ہونے کی ہدایت کی ہے۔ ضلعی انتظامیہ کے مطابق دریا میں پانی کی سطح مسلسل بلند ہو رہی ہے جبکہ متعدد دیہات زیر آب آ چکے ہیں۔ ریسکیو ٹیمیں کشتیوں کے ذریعے لوگوں کو نکال رہی ہیں اور کیمپوں میں کھانے پینے کی اشیاء فراہم کی جا رہی ہیں۔ وزیراعلیٰ نے متاثرین کی بحالی کے لیے خصوصی پیکج کا اعلان کیا ہے اور کہا ہے کہ کسی کو تنہا نہیں چھوڑا جائے گا۔ محکمہ موسمیات نے آئندہ چند روز میں مزید بارشوں کی پیشگوئی کی ہے۔
